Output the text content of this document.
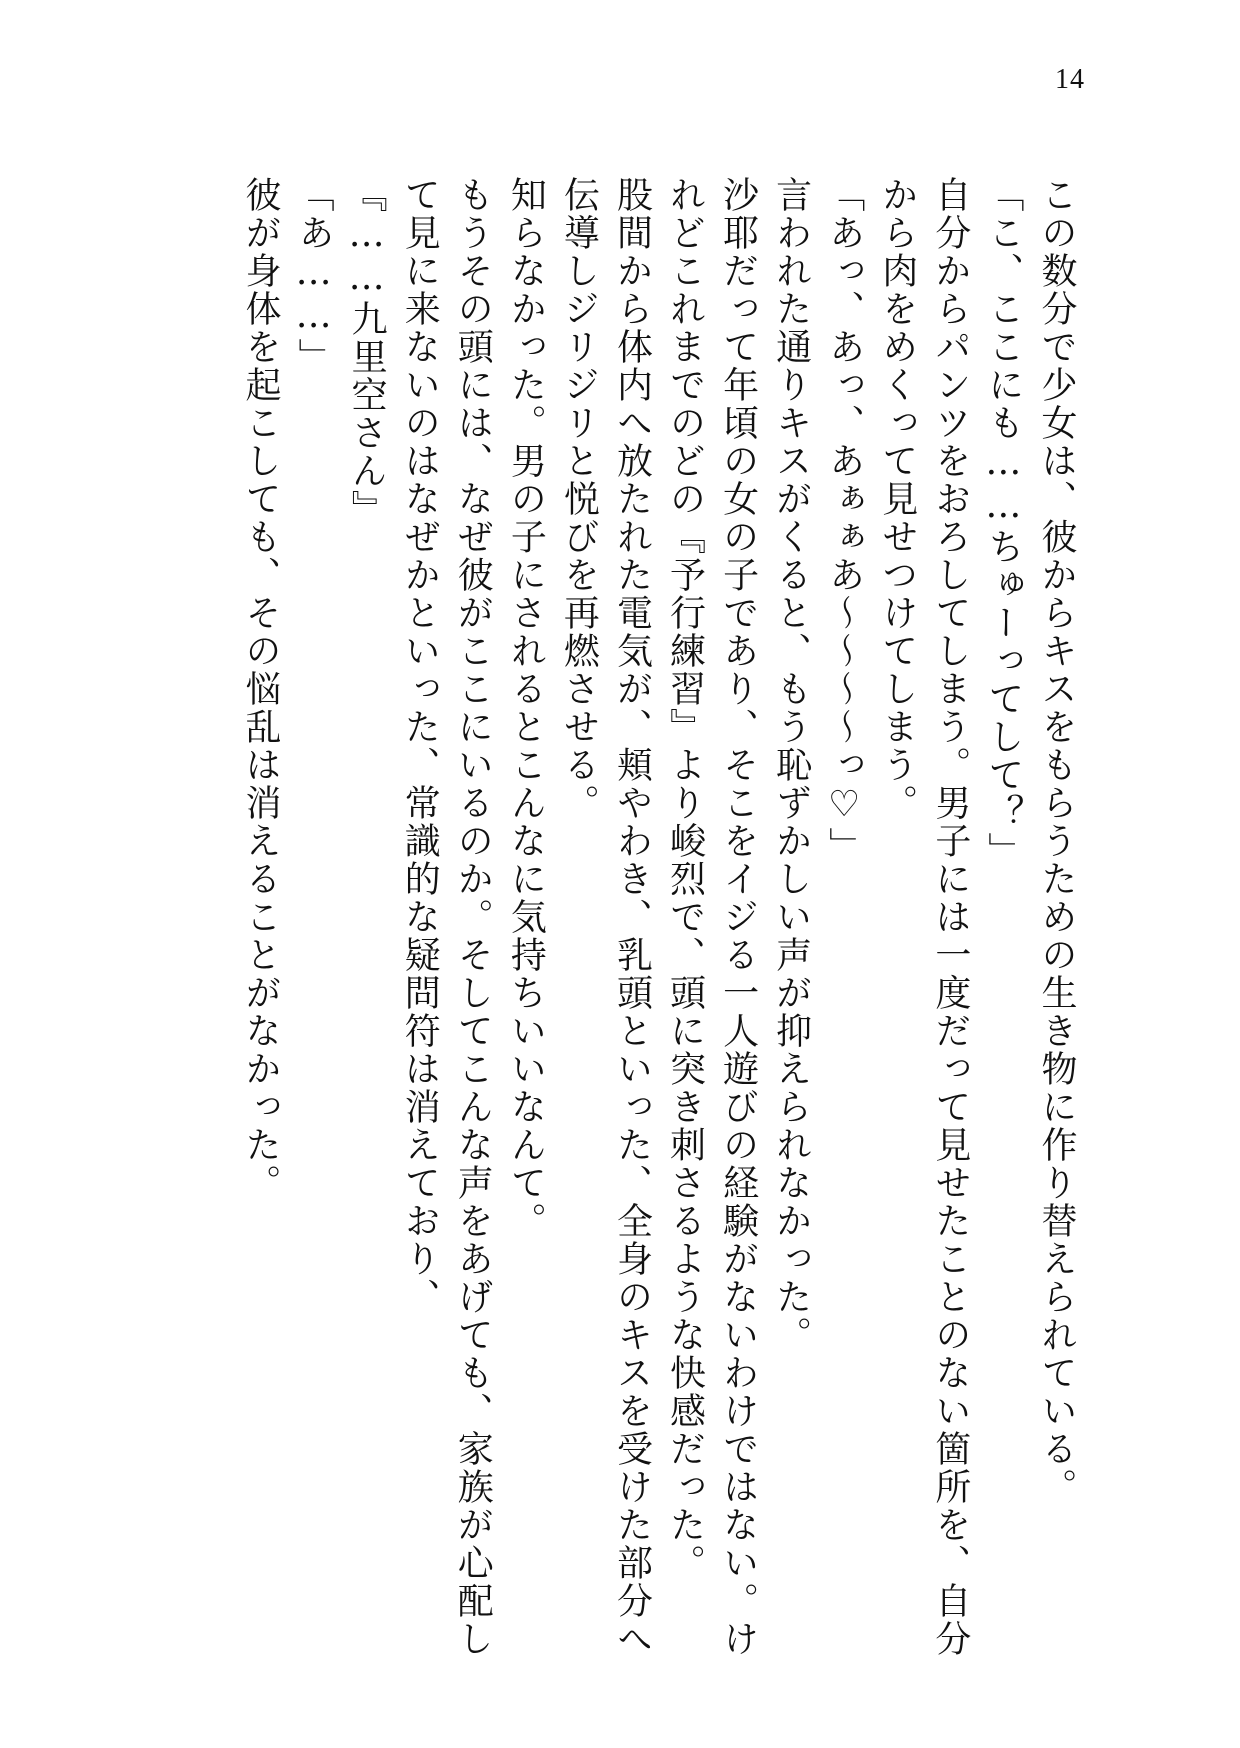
14
この数分で少女は、彼からキスをもらうための生き物に作り替えられている。
「こ、ここにも……ちゅーってして？」
自分からパンツをおろしてしまう。男子には一度だって見せたことのない箇所を、自分
から肉をめくって見せつけてしまう。
「あっ、あっ、あぁぁあ〜〜〜〜っ♡」
言われた通りキスがくると、もう恥ずかしい声が抑えられなかった。
沙耶だって年頃の女の子であり、そこをイジる一人遊びの経験がないわけではない。け
れどこれまでのどの『予行練習』より峻烈で、頭に突き刺さるような快感だった。
股間から体内へ放たれた電気が、頬やわき、乳頭といった、全身のキスを受けた部分へ
伝導しジリジリと悦びを再燃させる。
知らなかった。男の子にされるとこんなに気持ちいいなんて。
もうその頭には、なぜ彼がここにいるのか。そしてこんな声をあげても、家族が心配し
て見に来ないのはなぜかといった、常識的な疑問符は消えており、
『……九里空さん』
「あ……」
彼が身体を起こしても、その悩乱は消えることがなかった。
